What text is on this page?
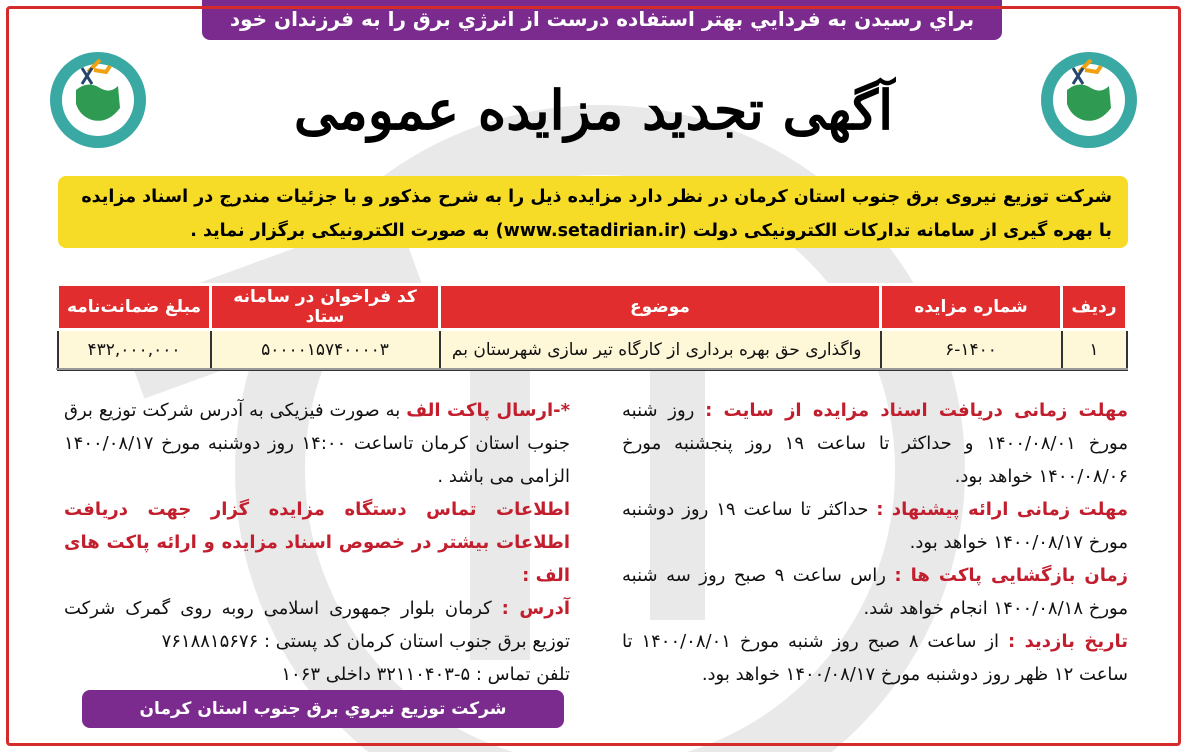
براي رسيدن به فردايي بهتر استفاده درست از انرژي برق را به فرزندان خود بياموزيم.
آگهی تجدید مزایده عمومی
شرکت توزیع نیروی برق جنوب استان کرمان در نظر دارد مزایده ذیل را به شرح مذکور و با جزئیات مندرج در اسناد مزایده با بهره گیری از سامانه تدارکات الکترونیکی دولت (www.setadirian.ir) به صورت الکترونیکی برگزار نماید .
ردیف	شماره مزایده	موضوع	کد فراخوان در سامانه ستاد	مبلغ ضمانت‌نامه
۱	۶-۱۴۰۰	واگذاری حق بهره برداری از کارگاه تیر سازی شهرستان بم	۵۰۰۰۰۱۵۷۴۰۰۰۰۳	۴۳۲,۰۰۰,۰۰۰

مهلت زمانی دریافت اسناد مزایده از سایت : روز شنبه مورخ ۱۴۰۰/۰۸/۰۱ و حداکثر تا ساعت ۱۹ روز پنجشنبه مورخ ۱۴۰۰/۰۸/۰۶ خواهد بود.

مهلت زمانی ارائه پیشنهاد : حداکثر تا ساعت ۱۹ روز دوشنبه مورخ ۱۴۰۰/۰۸/۱۷ خواهد بود.

زمان بازگشایی پاکت ها : راس ساعت ۹ صبح روز سه شنبه مورخ ۱۴۰۰/۰۸/۱۸ انجام خواهد شد.

تاریخ بازدید : از ساعت ۸ صبح روز شنبه مورخ ۱۴۰۰/۰۸/۰۱ تا ساعت ۱۲ ظهر روز دوشنبه مورخ ۱۴۰۰/۰۸/۱۷ خواهد بود.

*-ارسال پاکت الف به صورت فیزیکی به آدرس شرکت توزیع برق جنوب استان کرمان تاساعت ۱۴:۰۰ روز دوشنبه مورخ ۱۴۰۰/۰۸/۱۷ الزامی می باشد .

اطلاعات تماس دستگاه مزایده گزار جهت دریافت اطلاعات بیشتر در خصوص اسناد مزایده و ارائه پاکت های الف :

آدرس : کرمان بلوار جمهوری اسلامی روبه روی گمرک شرکت توزیع برق جنوب استان کرمان کد پستی : ۷۶۱۸۸۱۵۶۷۶

تلفن تماس : ۵-۳۲۱۱۰۴۰۳ داخلی ۱۰۶۳

شرکت توزیع نیروي برق جنوب استان کرمان
